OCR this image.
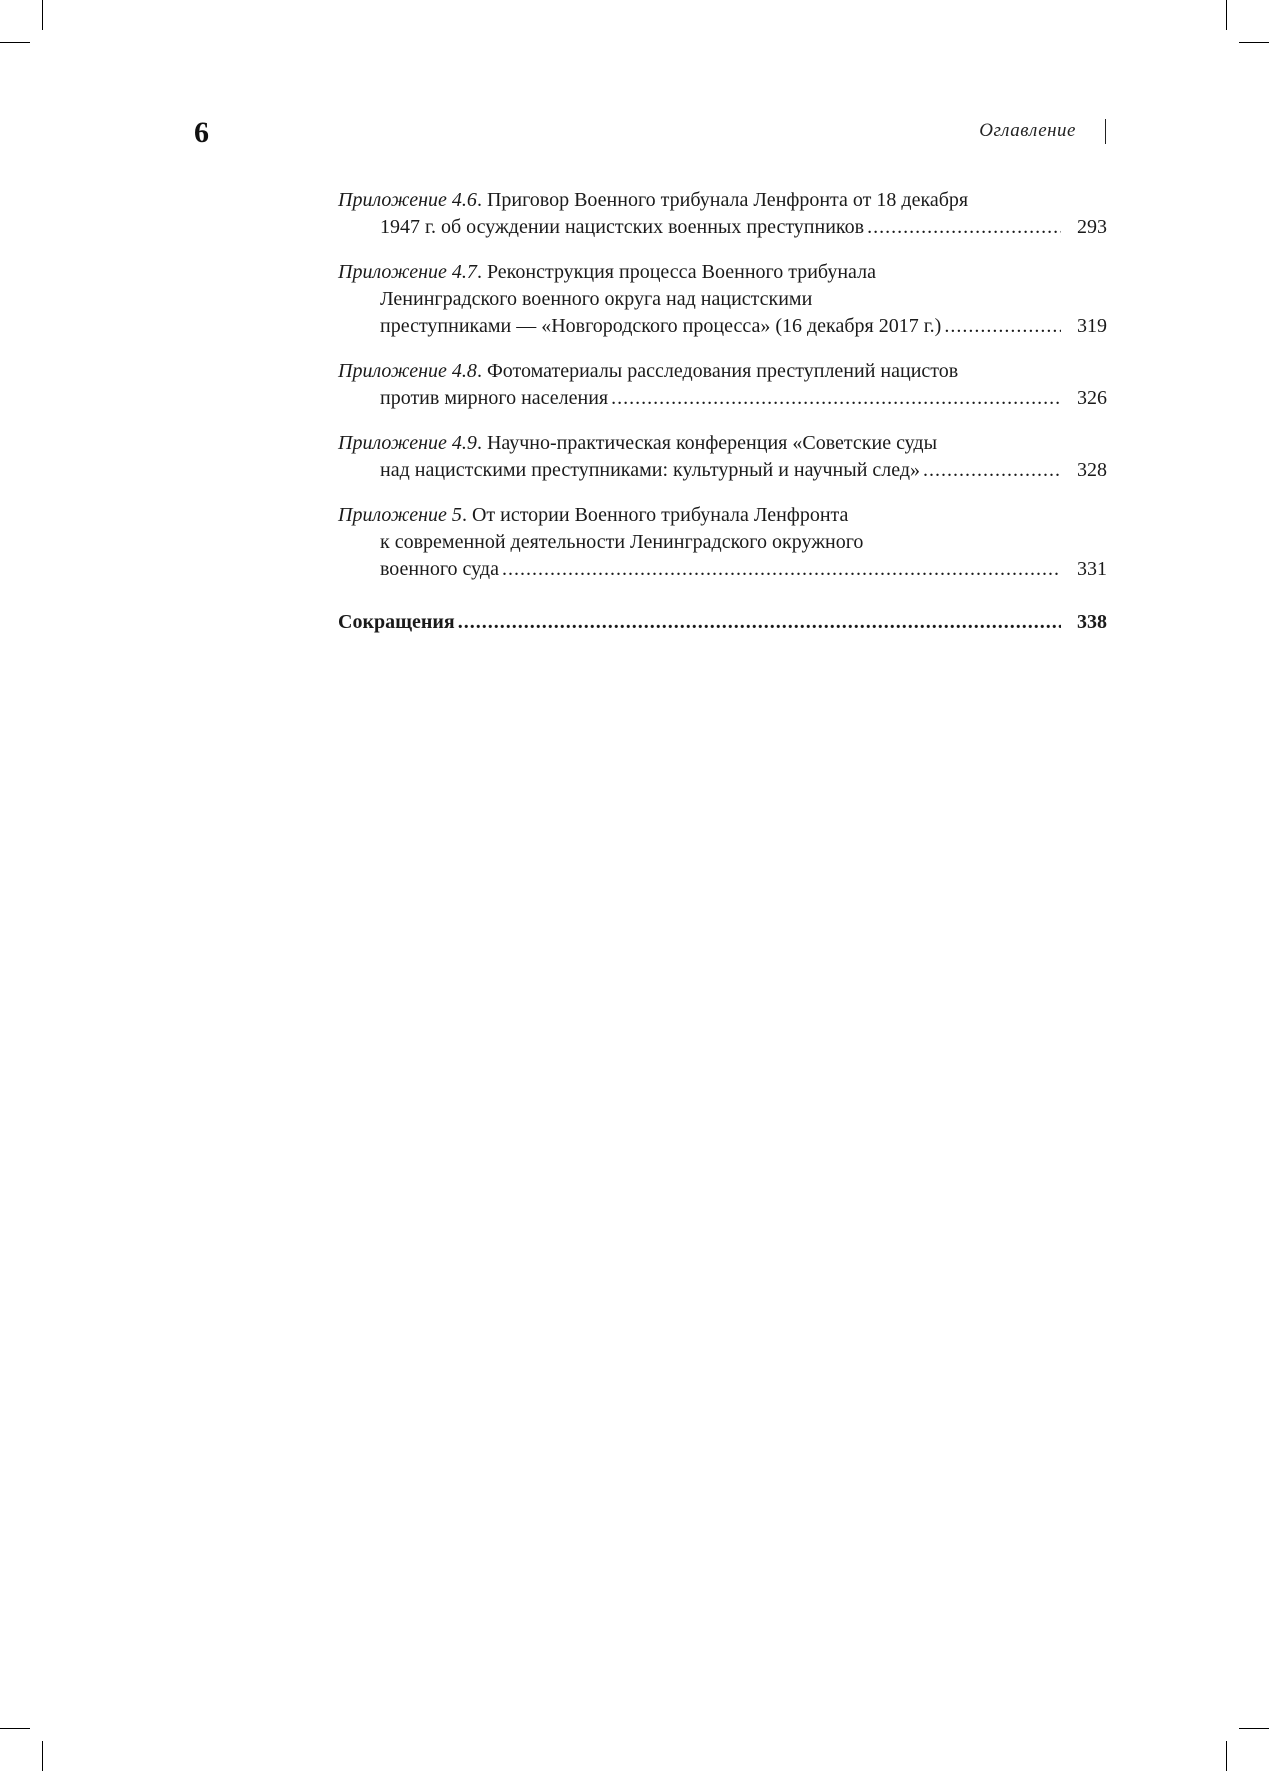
6	Оглавление
Приложение 4.6. Приговор Военного трибунала Ленфронта от 18 декабря
1947 г. об осуждении нацистских военных преступников .....	293
Приложение 4.7. Реконструкция процесса Военного трибунала
Ленинградского военного округа над нацистскими
преступниками — «Новгородского процесса» (16 декабря 2017 г.) .....	319
Приложение 4.8. Фотоматериалы расследования преступлений нацистов
против мирного населения .....	326
Приложение 4.9. Научно-практическая конференция «Советские суды
над нацистскими преступниками: культурный и научный след» .....	328
Приложение 5. От истории Военного трибунала Ленфронта
к современной деятельности Ленинградского окружного
военного суда .....	331
Сокращения .....	338
